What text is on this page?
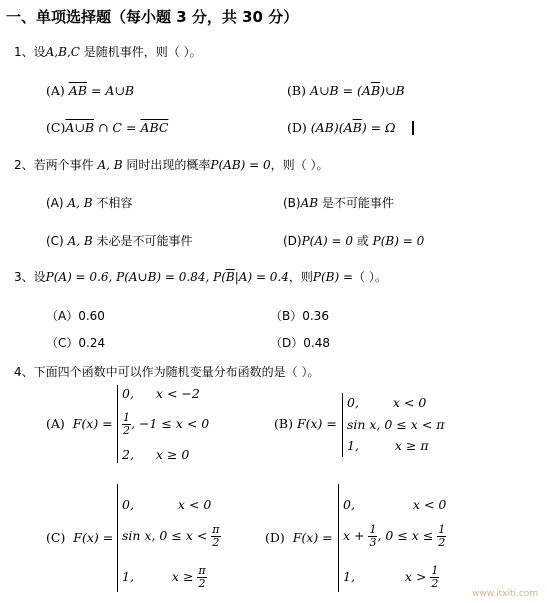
一、单项选择题（每小题 3 分，共 30 分）
1、设A,B,C 是随机事件，则（ ）。
(A) $\overline{AB}$ = A∪B	(B) A∪B = $(A\overline{B})\cup B$
(C)A∪B ∩ $C = \overline{ABC}$	(D) $(AB)(A\overline{B}) = \Omega$
2、若两个事件 A, B 同时出现的概率P(AB) = 0，则（ ）。
(A) A, B 不相容	(B)AB 是不可能事件
(C) A, B 未必是不可能事件	(D)P(A) = 0 或 P(B) = 0
3、设P(A) = 0.6, P(A∪B) = 0.84, $P(\overline{B}|A) = 0.4$，则P(B) =（ ）。
（A）0.60	（B）0.36
（C）0.24	（D）0.48
4、下面四个函数中可以作为随机变量分布函数的是（ ）。
(A) F(x) =
0, x < −2
$\frac{1}{2}$ , −1 ≤ x < 0
2, x ≥ 0
(B) F(x) =
0,	x < 0
sin x, 0 ≤ x < π
1,	x ≥ π
(C) F(x) =
0,	x < 0
sin x, $0 \le x < \frac{\pi}{2}$
1,	$x \ge \frac{\pi}{2}$
(D) F(x) =
0,	x < 0
$x + \frac{1}{3}$ , $0 \le x \le \frac{1}{2}$
1,	$x > \frac{1}{2}$
www.itxiti.com
